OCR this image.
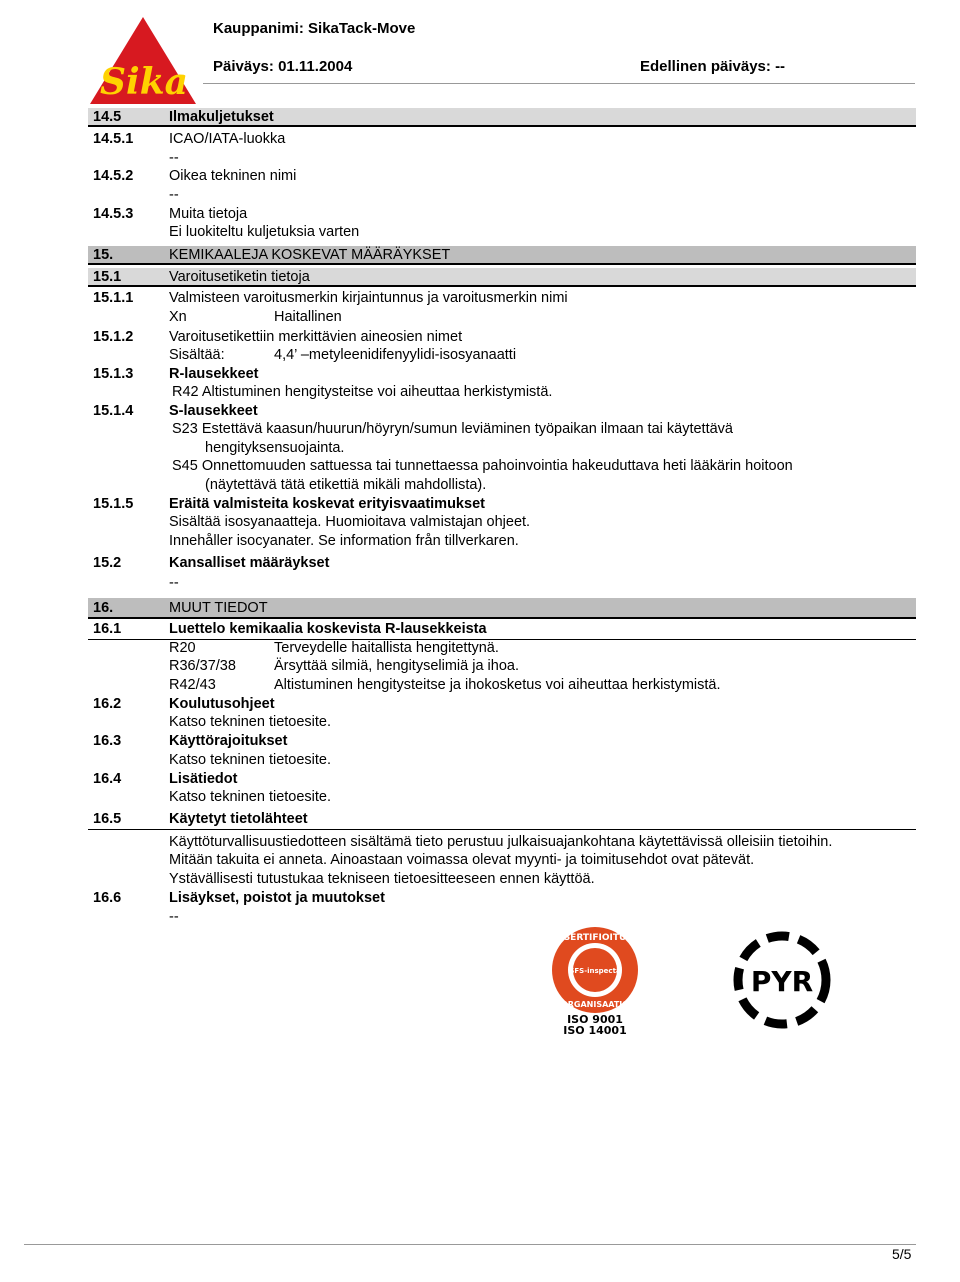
Sika
Kauppanimi: SikaTack-Move
Päiväys: 01.11.2004	Edellinen päiväys: --
14.5	Ilmakuljetukset
14.5.1 ICAO/IATA-luokka
--
14.5.2 Oikea tekninen nimi
--
14.5.3 Muita tietoja
Ei luokiteltu kuljetuksia varten
15.	KEMIKAALEJA KOSKEVAT MÄÄRÄYKSET
15.1	Varoitusetiketin tietoja
15.1.1 Valmisteen varoitusmerkin kirjaintunnus ja varoitusmerkin nimi
Xn	Haitallinen
15.1.2 Varoitusetikettiin merkittävien aineosien nimet
Sisältää:	4,4’ –metyleenidifenyylidi-isosyanaatti
15.1.3 R-lausekkeet
R42 Altistuminen hengitysteitse voi aiheuttaa herkistymistä.
15.1.4 S-lausekkeet
S23 Estettävä kaasun/huurun/höyryn/sumun leviäminen työpaikan ilmaan tai käytettävä
hengityksensuojainta.
S45 Onnettomuuden sattuessa tai tunnettaessa pahoinvointia hakeuduttava heti lääkärin hoitoon
(näytettävä tätä etikettiä mikäli mahdollista).
15.1.5 Eräitä valmisteita koskevat erityisvaatimukset
Sisältää isosyanaatteja. Huomioitava valmistajan ohjeet.
Innehåller isocyanater. Se information från tillverkaren.
15.2	Kansalliset määräykset
--
16.	MUUT TIEDOT
16.1	Luettelo kemikaalia koskevista R-lausekkeista
R20	Terveydelle haitallista hengitettynä.
R36/37/38	Ärsyttää silmiä, hengityselimiä ja ihoa.
R42/43	Altistuminen hengitysteitse ja ihokosketus voi aiheuttaa herkistymistä.
16.2	Koulutusohjeet
Katso tekninen tietoesite.
16.3	Käyttörajoitukset
Katso tekninen tietoesite.
16.4	Lisätiedot
Katso tekninen tietoesite.
16.5	Käytetyt tietolähteet
Käyttöturvallisuustiedotteen sisältämä tieto perustuu julkaisuajankohtana käytettävissä olleisiin tietoihin.
Mitään takuita ei anneta. Ainoastaan voimassa olevat myynti- ja toimitusehdot ovat pätevät.
Ystävällisesti tutustukaa tekniseen tietoesitteeseen ennen käyttöä.
16.6	Lisäykset, poistot ja muutokset
--
SERTIFIOITU
SFS-inspecta
ORGANISAATIO
ISO 9001
ISO 14001
PYR
5/5
